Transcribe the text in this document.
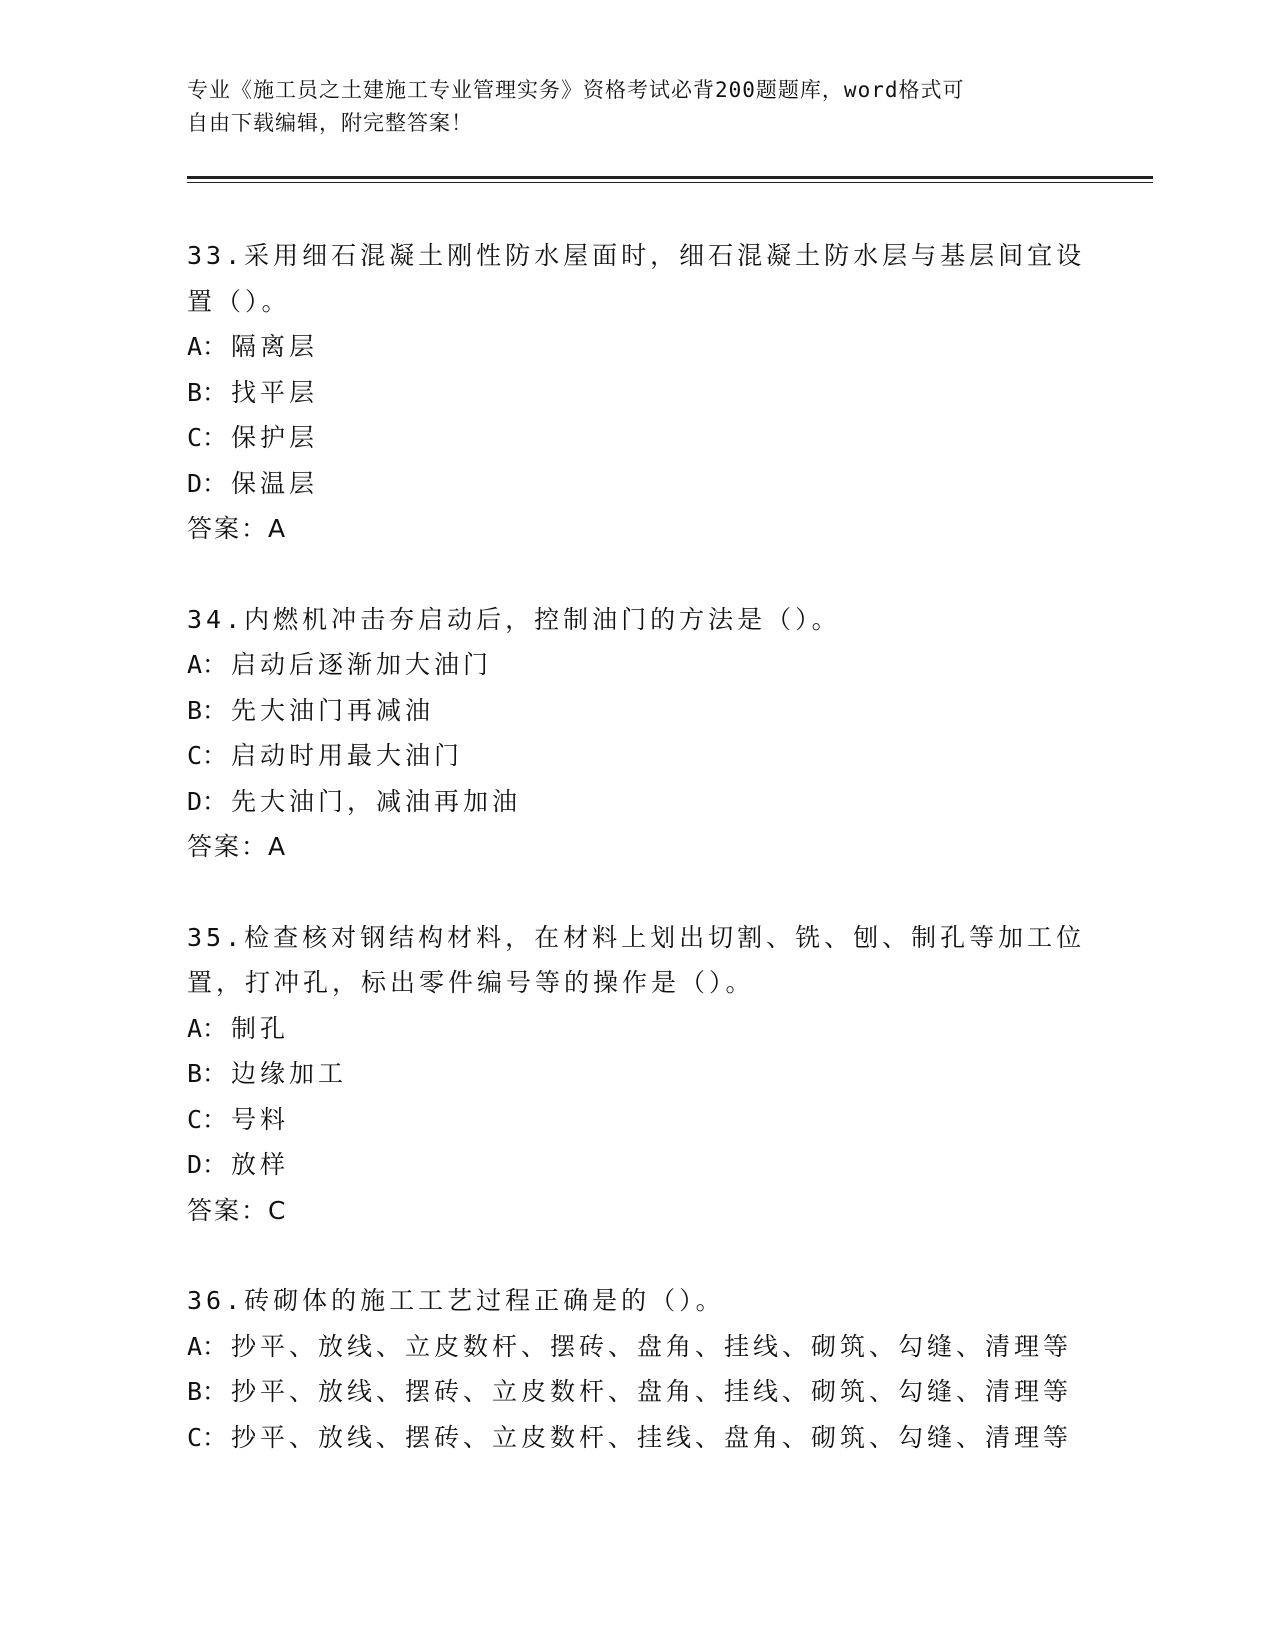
专业《施工员之土建施工专业管理实务》资格考试必背200题题库，word格式可
自由下载编辑，附完整答案！
33.采用细石混凝土刚性防水屋面时，细石混凝土防水层与基层间宜设
置（）。
A： 隔离层
B： 找平层
C： 保护层
D： 保温层
答案：A
34.内燃机冲击夯启动后，控制油门的方法是（）。
A： 启动后逐渐加大油门
B： 先大油门再减油
C： 启动时用最大油门
D： 先大油门，减油再加油
答案：A
35.检查核对钢结构材料，在材料上划出切割、铣、刨、制孔等加工位
置，打冲孔，标出零件编号等的操作是（）。
A： 制孔
B： 边缘加工
C： 号料
D： 放样
答案：C
36.砖砌体的施工工艺过程正确是的（）。
A： 抄平、放线、立皮数杆、摆砖、盘角、挂线、砌筑、勾缝、清理等
B： 抄平、放线、摆砖、立皮数杆、盘角、挂线、砌筑、勾缝、清理等
C： 抄平、放线、摆砖、立皮数杆、挂线、盘角、砌筑、勾缝、清理等
